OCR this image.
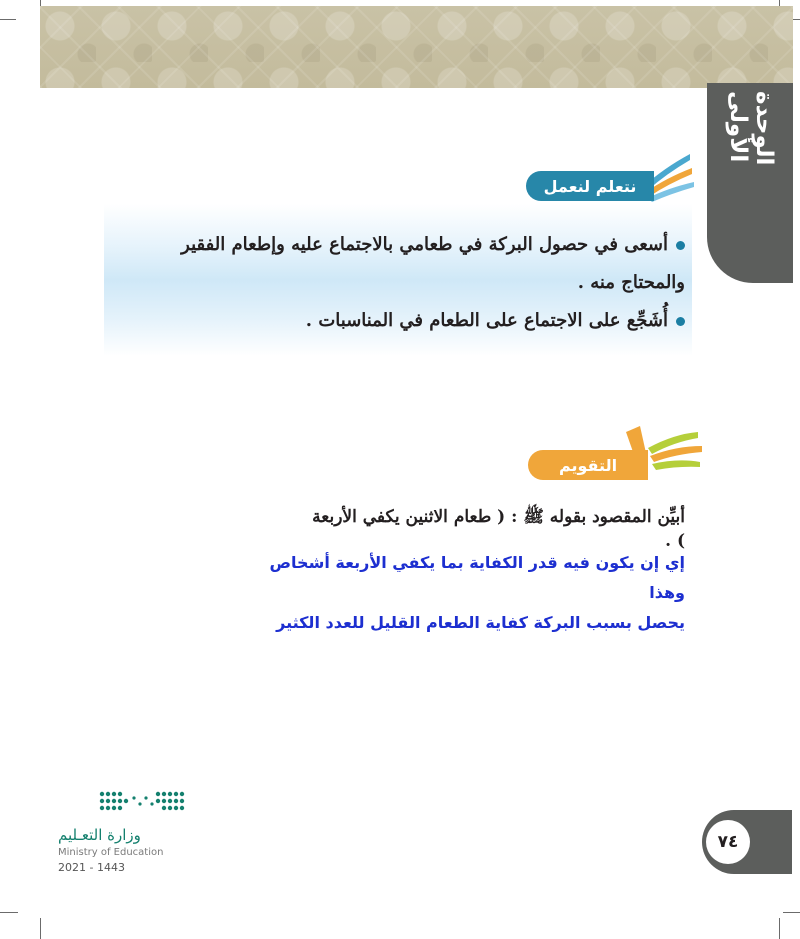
الوحدة الأولى
نتعلم لنعمل

أسعى في حصول البركة في طعامي بالاجتماع عليه وإطعام الفقير والمحتاج منه .

أُشَجِّع على الاجتماع على الطعام في المناسبات .

التقويم
أبيِّن المقصود بقوله ﷺ : ( طعام الاثنين يكفي الأربعة ) .
إي إن يكون فيه قدر الكفاية بما يكفي الأربعة أشخاص وهذا
يحصل بسبب البركة كفاية الطعام القليل للعدد الكثير
وزارة التعـليم
Ministry of Education
2021 - 1443
٧٤
